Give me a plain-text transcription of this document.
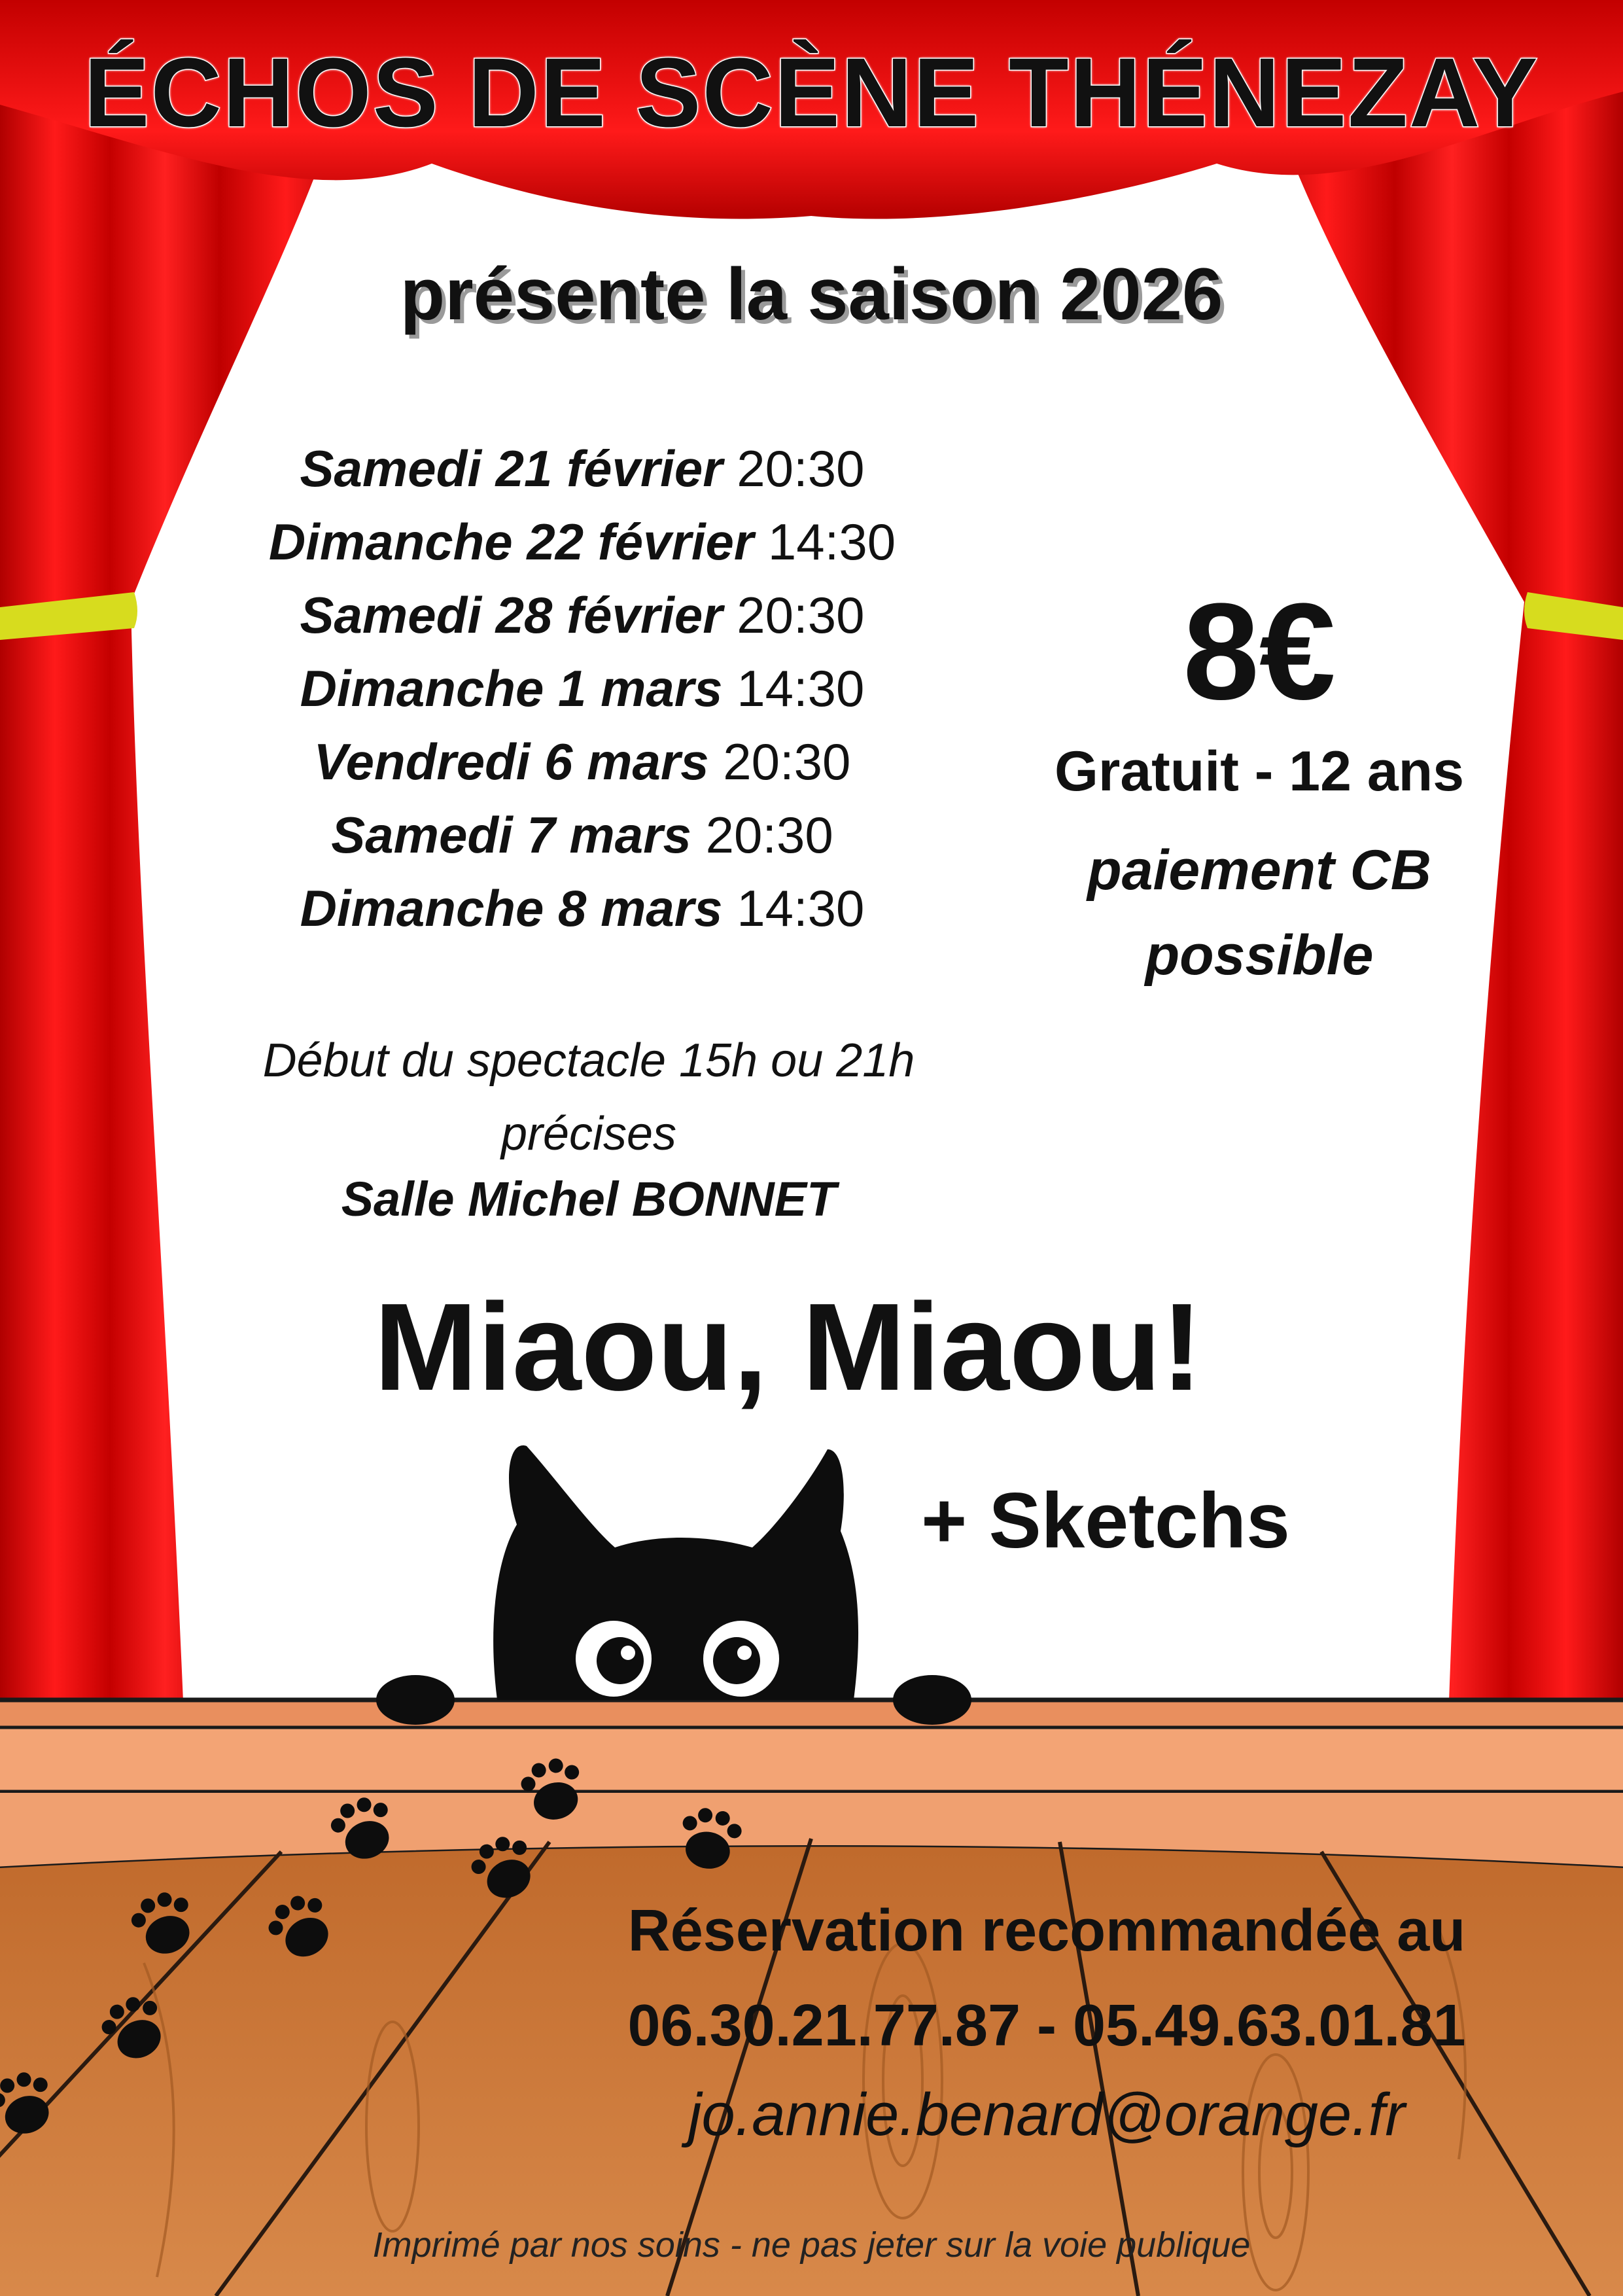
ÉCHOS DE SCÈNE THÉNEZAY
présente la saison 2026
Samedi 21 février 20:30
Dimanche 22 février 14:30
Samedi 28 février 20:30
Dimanche 1 mars 14:30
Vendredi 6 mars 20:30
Samedi 7 mars 20:30
Dimanche 8 mars 14:30
8€
Gratuit - 12 ans
paiement CB possible
Début du spectacle 15h ou 21h précises
Salle Michel BONNET
Miaou, Miaou!
+ Sketchs
Réservation recommandée au
06.30.21.77.87 - 05.49.63.01.81
jo.annie.benard@orange.fr
Imprimé par nos soins - ne pas jeter sur la voie publique
